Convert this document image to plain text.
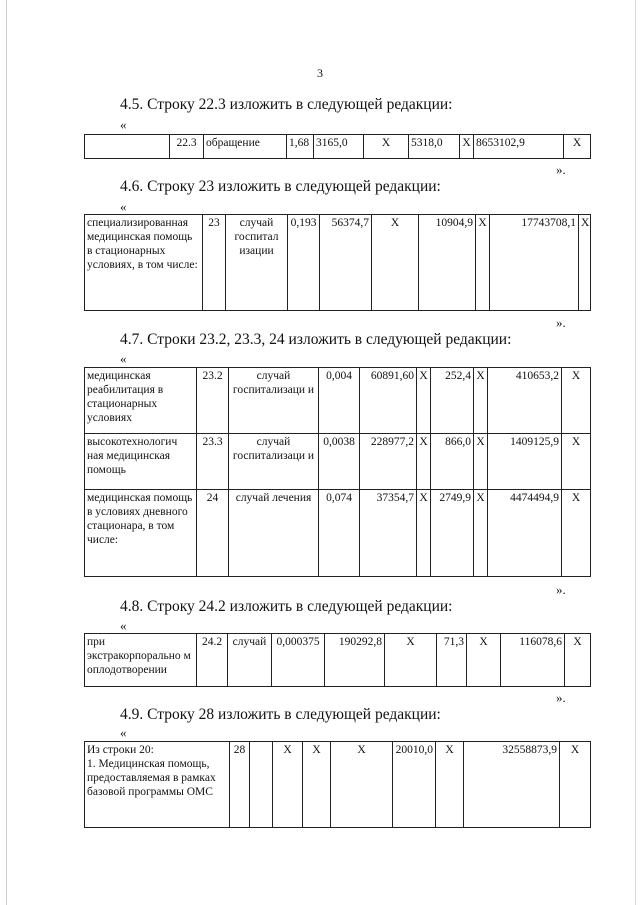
3
4.5. Строку 22.3 изложить в следующей редакции:
«
	22.3	обращение	1,68	3165,0	Х	5318,0	Х	8653102,9	Х
».
4.6. Строку 23 изложить в следующей редакции:
«
специализированная медицинская помощь в стационарных условиях, в том числе:	23	случай госпитал изации	0,193	56374,7	Х	10904,9	Х	17743708,1	Х
».
4.7. Строки 23.2, 23.3, 24 изложить в следующей редакции:
«
медицинская реабилитация в стационарных условиях	23.2	случай госпитализаци и	0,004	60891,60	Х	252,4	Х	410653,2	Х
высокотехнологич ная медицинская помощь	23.3	случай госпитализаци и	0,0038	228977,2	Х	866,0	Х	1409125,9	Х
медицинская помощь в условиях дневного стационара, в том числе:	24	случай лечения	0,074	37354,7	Х	2749,9	Х	4474494,9	Х
».
4.8. Строку 24.2 изложить в следующей редакции:
«
при экстракорпорально м оплодотворении	24.2	случай	0,000375	190292,8	Х	71,3	Х	116078,6	Х
».
4.9. Строку 28 изложить в следующей редакции:
«
Из строки 20:
1. Медицинская помощь, предоставляемая в рамках базовой программы ОМС	28		Х	Х	Х	20010,0	Х	32558873,9	Х
